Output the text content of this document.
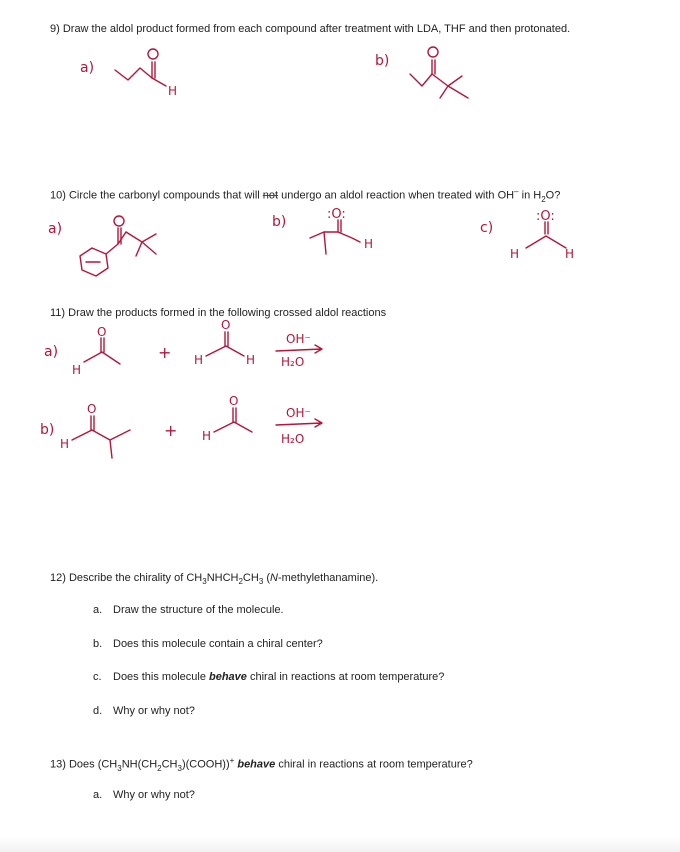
9) Draw the aldol product formed from each compound after treatment with LDA, THF and then protonated.
10) Circle the carbonyl compounds that will not undergo an aldol reaction when treated with OH– in $H_2O$?
11) Draw the products formed in the following crossed aldol reactions
12) Describe the chirality of $CH_3NHCH_2CH_3$ (N-methylethanamine).
a. Draw the structure of the molecule.
b. Does this molecule contain a chiral center?
c. Does this molecule behave chiral in reactions at room temperature?
d. Why or why not?
13) Does $(CH_3NH(CH_2CH_3)(COOH))^+$ behave chiral in reactions at room temperature?
a. Why or why not?
a)
H
b)
a)	b)	:O:
H
c)
:O:
H	H
a)
H
O
+ H
O
H
OH⁻
H₂O
b)
H
O
+ H
O
OH⁻
H₂O
